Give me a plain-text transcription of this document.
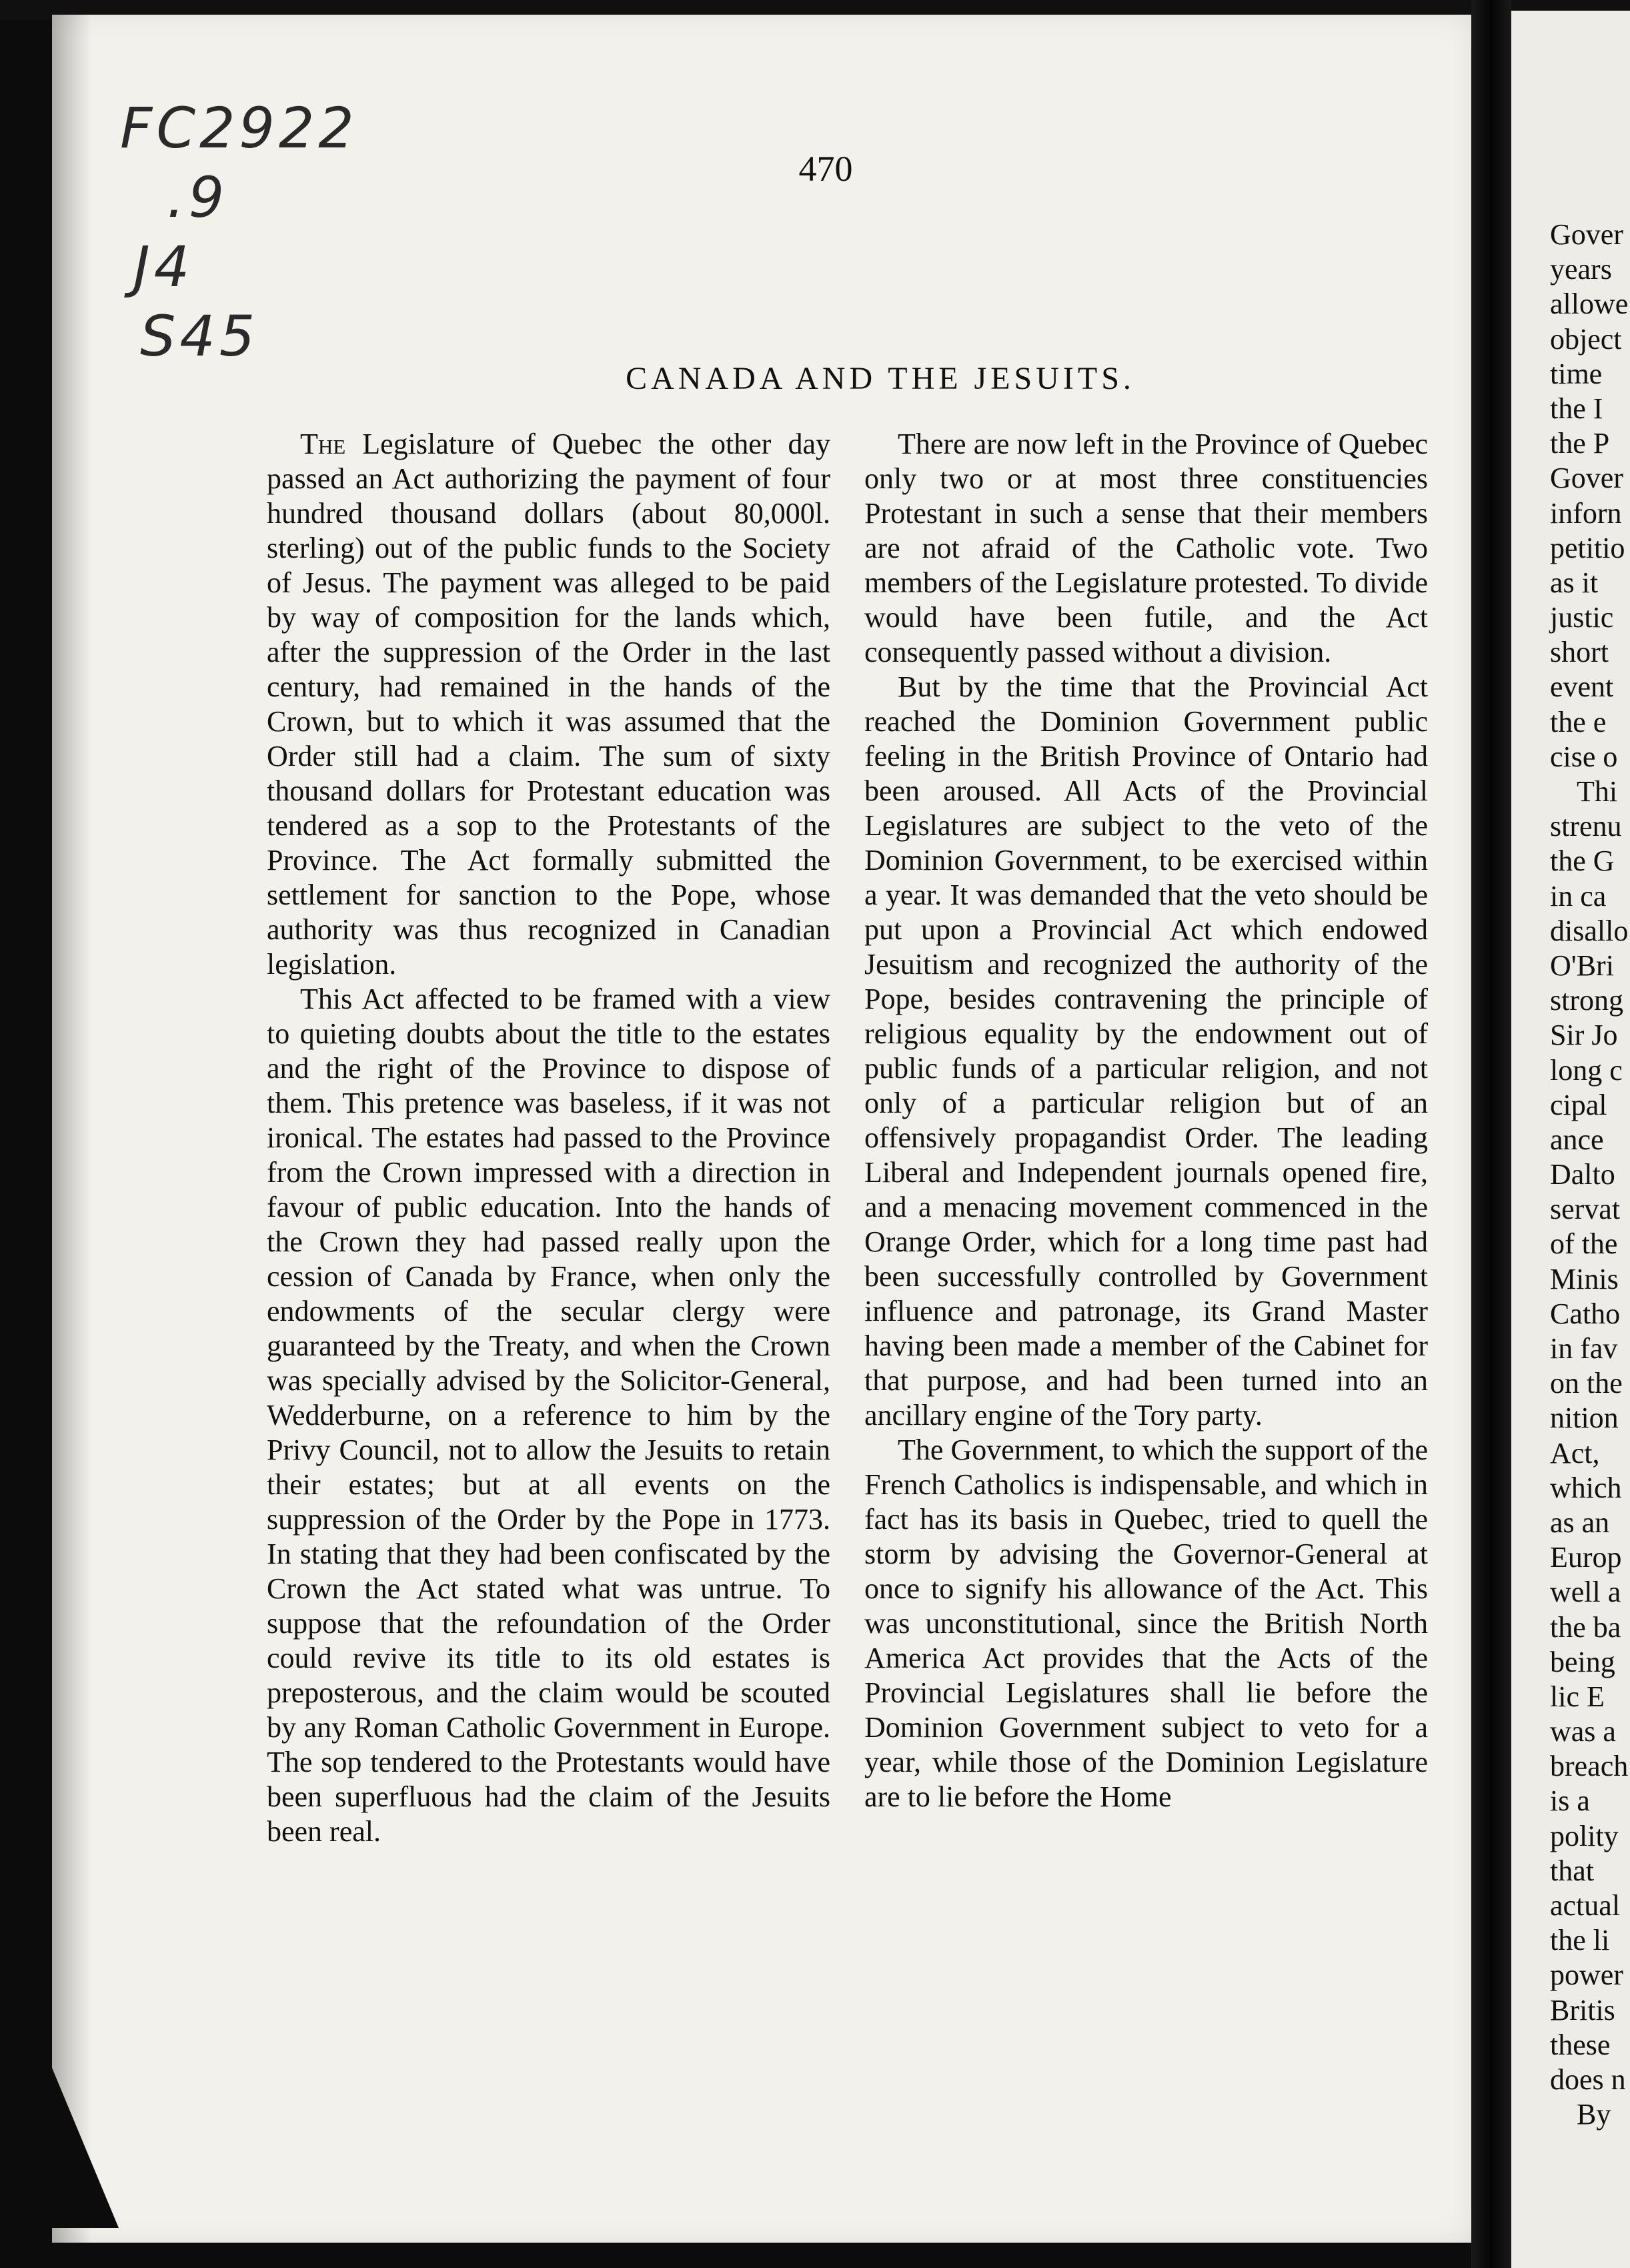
FC2922
.9
J4
S45
470
CANADA AND THE JESUITS.

The Legislature of Quebec the other day passed an Act authorizing the payment of four hundred thousand dollars (about 80,000l. sterling) out of the public funds to the Society of Jesus. The payment was alleged to be paid by way of composition for the lands which, after the suppression of the Order in the last century, had remained in the hands of the Crown, but to which it was assumed that the Order still had a claim. The sum of sixty thousand dollars for Protestant education was tendered as a sop to the Protestants of the Province. The Act formally submitted the settlement for sanction to the Pope, whose authority was thus recognized in Canadian legislation.

This Act affected to be framed with a view to quieting doubts about the title to the estates and the right of the Province to dispose of them. This pretence was baseless, if it was not ironical. The estates had passed to the Province from the Crown impressed with a direction in favour of public education. Into the hands of the Crown they had passed really upon the cession of Canada by France, when only the endowments of the secular clergy were guaranteed by the Treaty, and when the Crown was specially advised by the Solicitor-General, Wedderburne, on a reference to him by the Privy Council, not to allow the Jesuits to retain their estates; but at all events on the suppression of the Order by the Pope in 1773. In stating that they had been confiscated by the Crown the Act stated what was untrue. To suppose that the refoundation of the Order could revive its title to its old estates is preposterous, and the claim would be scouted by any Roman Catholic Government in Europe. The sop tendered to the Protestants would have been superfluous had the claim of the Jesuits been real.

There are now left in the Province of Quebec only two or at most three constituencies Protestant in such a sense that their members are not afraid of the Catholic vote. Two members of the Legislature protested. To divide would have been futile, and the Act consequently passed without a division.

But by the time that the Provincial Act reached the Dominion Government public feeling in the British Province of Ontario had been aroused. All Acts of the Provincial Legislatures are subject to the veto of the Dominion Government, to be exercised within a year. It was demanded that the veto should be put upon a Provincial Act which endowed Jesuitism and recognized the authority of the Pope, besides contravening the principle of religious equality by the endowment out of public funds of a particular religion, and not only of a particular religion but of an offensively propagandist Order. The leading Liberal and Independent journals opened fire, and a menacing movement commenced in the Orange Order, which for a long time past had been successfully controlled by Government influence and patronage, its Grand Master having been made a member of the Cabinet for that purpose, and had been turned into an ancillary engine of the Tory party.

The Government, to which the support of the French Catholics is indispensable, and which in fact has its basis in Quebec, tried to quell the storm by advising the Governor-General at once to signify his allowance of the Act. This was unconstitutional, since the British North America Act provides that the Acts of the Provincial Legislatures shall lie before the Dominion Government subject to veto for a year, while those of the Dominion Legislature are to lie before the Home

Gover
years
allowe
object
time
the I
the P
Gover
inforn
petitio
as it
justic
short
event
the e
cise o
Thi
strenu
the G
in ca
disallo
O'Bri
strong
Sir Jo
long c
cipal
ance
Dalto
servat
of the
Minis
Catho
in fav
on the
nition
Act,
which
as an
Europ
well a
the ba
being
lic E
was a
breach
is a
polity
that
actual
the li
power
Britis
these
does n
By
